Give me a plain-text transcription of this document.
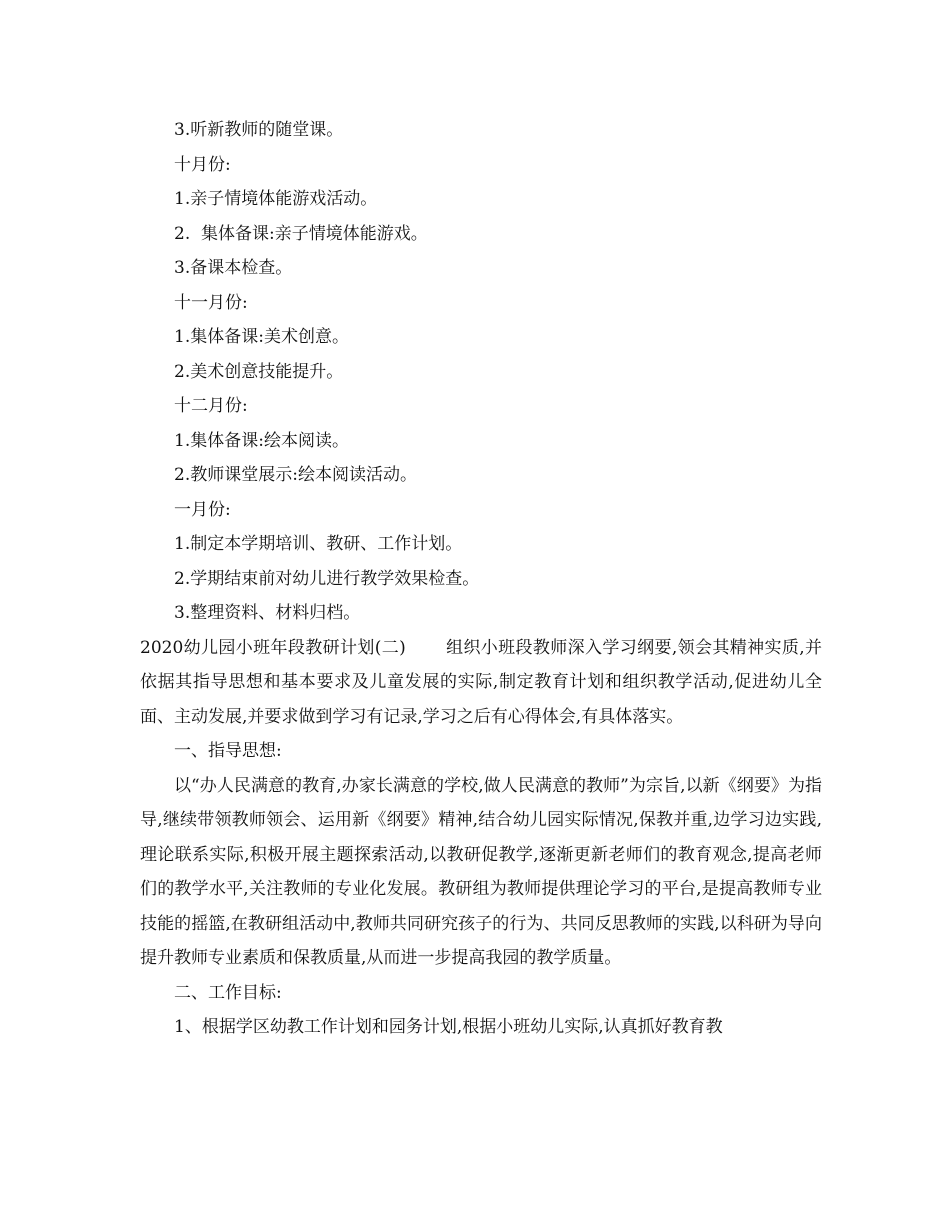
3.听新教师的随堂课。
十月份:
1.亲子情境体能游戏活动。
2.  集体备课:亲子情境体能游戏。
3.备课本检查。
十一月份:
1.集体备课:美术创意。
2.美术创意技能提升。
十二月份:
1.集体备课:绘本阅读。
2.教师课堂展示:绘本阅读活动。
一月份:
1.制定本学期培训、教研、工作计划。
2.学期结束前对幼儿进行教学效果检查。
3.整理资料、材料归档。
2020幼儿园小班年段教研计划(二) 组织小班段教师深入学习纲要,领会其精神实质,并依据其指导思想和基本要求及儿童发展的实际,制定教育计划和组织教学活动,促进幼儿全面、主动发展,并要求做到学习有记录,学习之后有心得体会,有具体落实。
一、指导思想:
以“办人民满意的教育,办家长满意的学校,做人民满意的教师”为宗旨,以新《纲要》为指导,继续带领教师领会、运用新《纲要》精神,结合幼儿园实际情况,保教并重,边学习边实践,理论联系实际,积极开展主题探索活动,以教研促教学,逐渐更新老师们的教育观念,提高老师们的教学水平,关注教师的专业化发展。教研组为教师提供理论学习的平台,是提高教师专业技能的摇篮,在教研组活动中,教师共同研究孩子的行为、共同反思教师的实践,以科研为导向提升教师专业素质和保教质量,从而进一步提高我园的教学质量。
二、工作目标:
1、根据学区幼教工作计划和园务计划,根据小班幼儿实际,认真抓好教育教
